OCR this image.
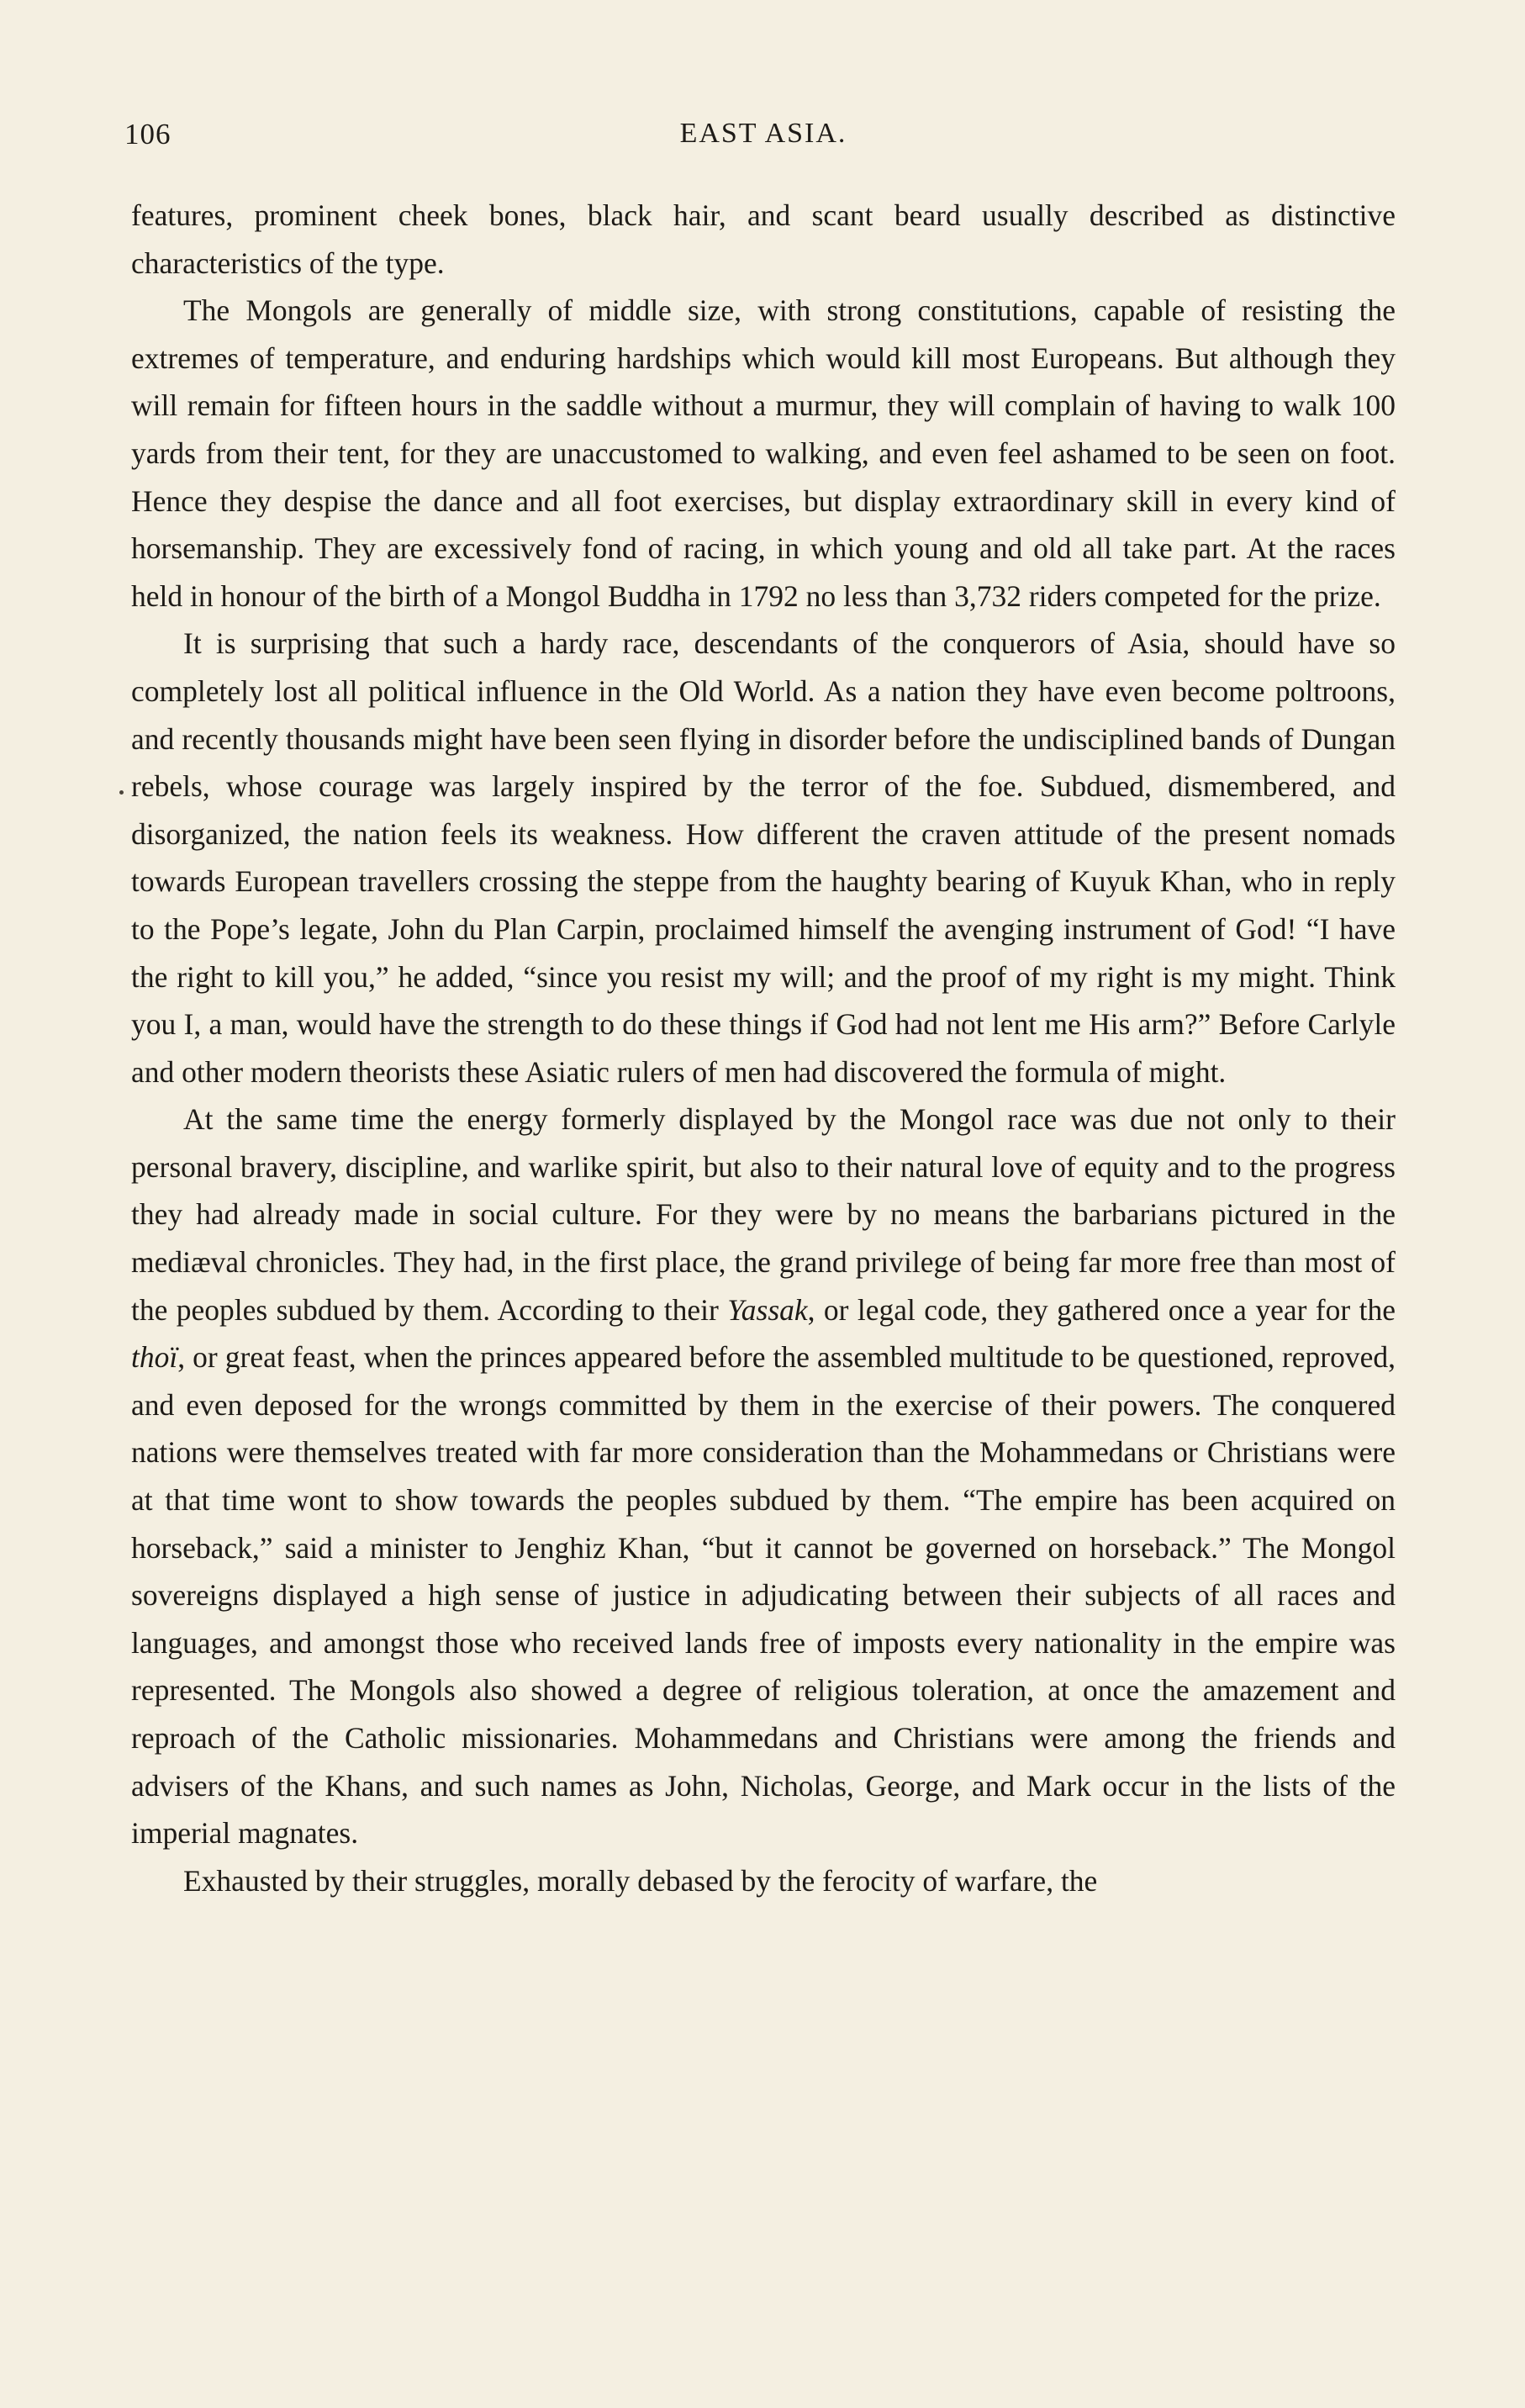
106	EAST ASIA.

features, prominent cheek bones, black hair, and scant beard usually described as distinctive characteristics of the type.

The Mongols are generally of middle size, with strong constitutions, capable of resisting the extremes of temperature, and enduring hardships which would kill most Europeans. But although they will remain for fifteen hours in the saddle without a murmur, they will complain of having to walk 100 yards from their tent, for they are unaccustomed to walking, and even feel ashamed to be seen on foot. Hence they despise the dance and all foot exercises, but display extraordinary skill in every kind of horsemanship. They are excessively fond of racing, in which young and old all take part. At the races held in honour of the birth of a Mongol Buddha in 1792 no less than 3,732 riders competed for the prize.

It is surprising that such a hardy race, descendants of the conquerors of Asia, should have so completely lost all political influence in the Old World. As a nation they have even become poltroons, and recently thousands might have been seen flying in disorder before the undisciplined bands of Dungan rebels, whose courage was largely inspired by the terror of the foe. Subdued, dismembered, and disorganized, the nation feels its weakness. How different the craven attitude of the present nomads towards European travellers crossing the steppe from the haughty bearing of Kuyuk Khan, who in reply to the Pope’s legate, John du Plan Carpin, proclaimed himself the avenging instrument of God! “I have the right to kill you,” he added, “since you resist my will; and the proof of my right is my might. Think you I, a man, would have the strength to do these things if God had not lent me His arm?” Before Carlyle and other modern theorists these Asiatic rulers of men had discovered the formula of might.

At the same time the energy formerly displayed by the Mongol race was due not only to their personal bravery, discipline, and warlike spirit, but also to their natural love of equity and to the progress they had already made in social culture. For they were by no means the barbarians pictured in the mediæval chronicles. They had, in the first place, the grand privilege of being far more free than most of the peoples subdued by them. According to their Yassak, or legal code, they gathered once a year for the thoï, or great feast, when the princes appeared before the assembled multitude to be questioned, reproved, and even deposed for the wrongs committed by them in the exercise of their powers. The conquered nations were themselves treated with far more consideration than the Mohammedans or Christians were at that time wont to show towards the peoples subdued by them. “The empire has been acquired on horseback,” said a minister to Jenghiz Khan, “but it cannot be governed on horseback.” The Mongol sovereigns displayed a high sense of justice in adjudicating between their subjects of all races and languages, and amongst those who received lands free of imposts every nationality in the empire was represented. The Mongols also showed a degree of religious toleration, at once the amazement and reproach of the Catholic missionaries. Mohammedans and Christians were among the friends and advisers of the Khans, and such names as John, Nicholas, George, and Mark occur in the lists of the imperial magnates.

Exhausted by their struggles, morally debased by the ferocity of warfare, the
